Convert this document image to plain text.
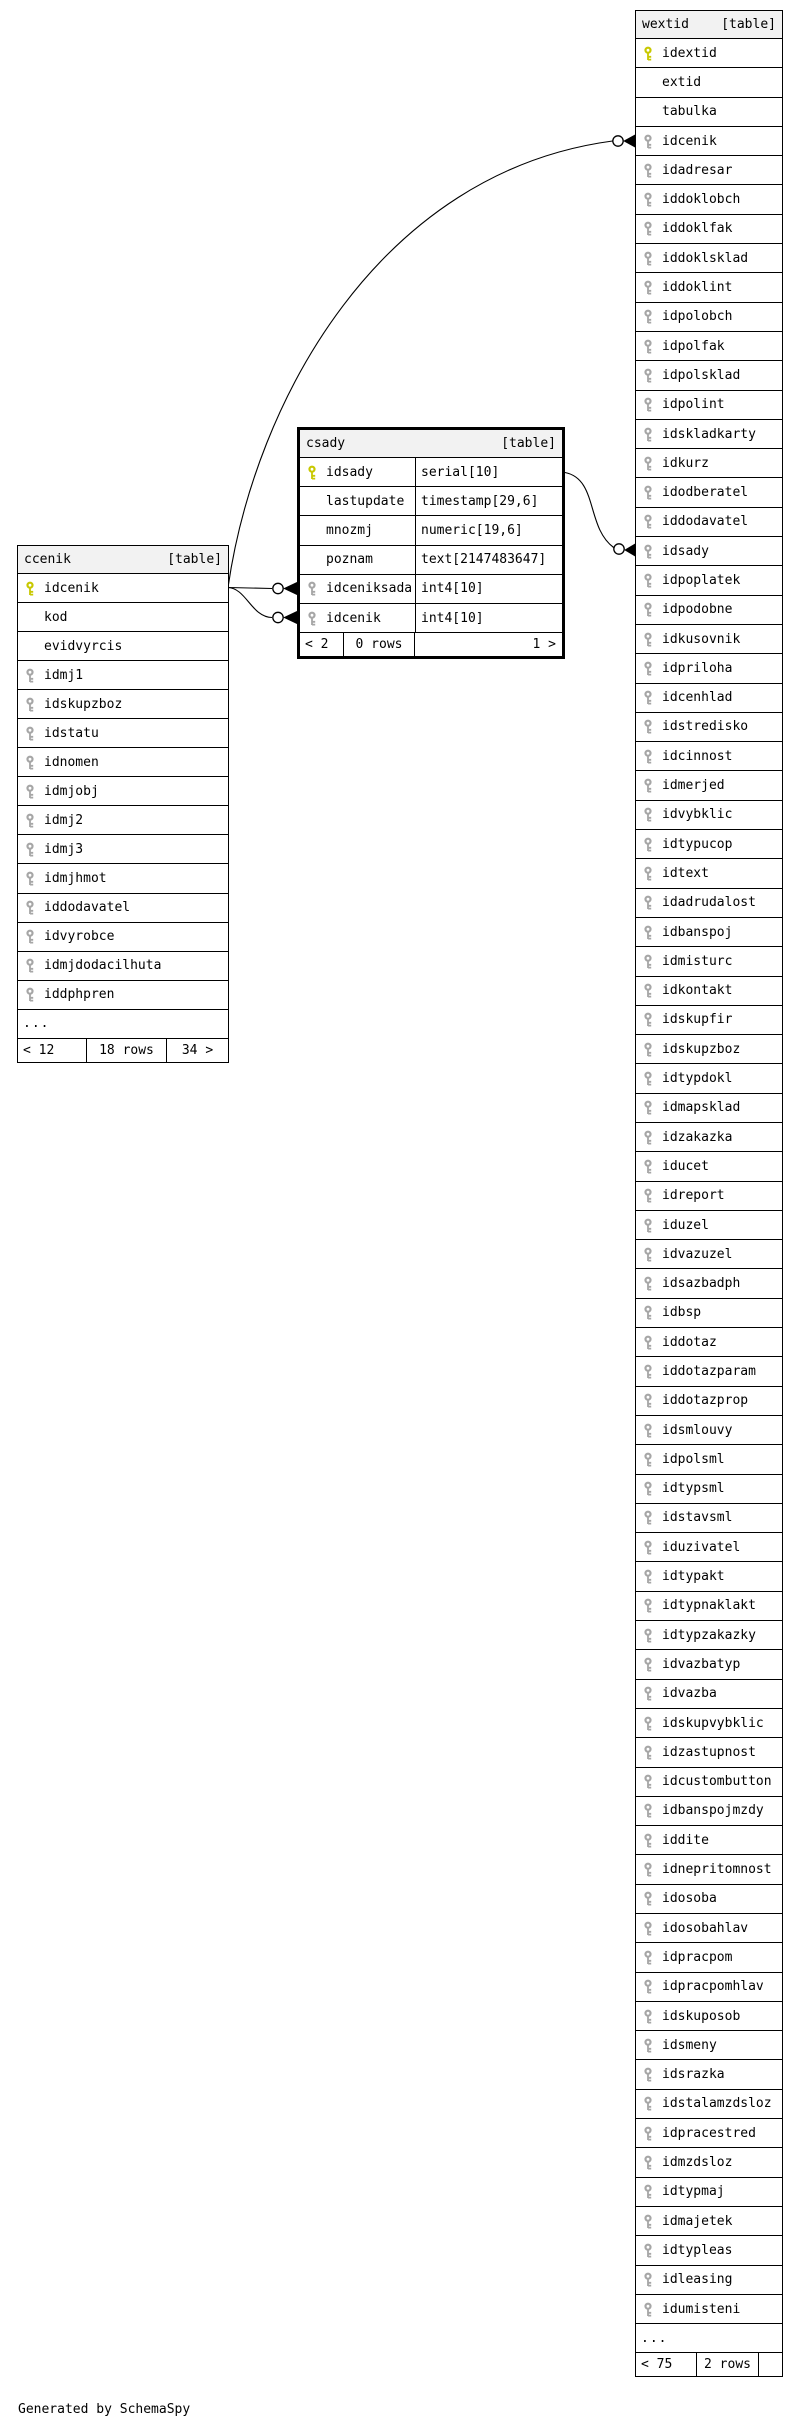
Generated by SchemaSpy
ccenik	[table]
idcenik
kod
evidvyrcis
idmj1
idskupzboz
idstatu
idnomen
idmjobj
idmj2
idmj3
idmjhmot
iddodavatel
idvyrobce
idmjdodacilhuta
iddphpren
...
< 12	18 rows 34 >
csady	[table]
idsady	serial[10]
lastupdate	timestamp[29,6]
mnozmj	numeric[19,6]
poznam	text[2147483647]
idceniksada int4[10]
idcenik	int4[10]
< 2 0 rows	1 >
wextid [table]
idextid
extid
tabulka
idcenik
idadresar
iddoklobch
iddoklfak
iddoklsklad
iddoklint
idpolobch
idpolfak
idpolsklad
idpolint
idskladkarty
idkurz
idodberatel
iddodavatel
idsady
idpoplatek
idpodobne
idkusovnik
idpriloha
idcenhlad
idstredisko
idcinnost
idmerjed
idvybklic
idtypucop
idtext
idadrudalost
idbanspoj
idmisturc
idkontakt
idskupfir
idskupzboz
idtypdokl
idmapsklad
idzakazka
iducet
idreport
iduzel
idvazuzel
idsazbadph
idbsp
iddotaz
iddotazparam
iddotazprop
idsmlouvy
idpolsml
idtypsml
idstavsml
iduzivatel
idtypakt
idtypnaklakt
idtypzakazky
idvazbatyp
idvazba
idskupvybklic
idzastupnost
idcustombutton
idbanspojmzdy
iddite
idnepritomnost
idosoba
idosobahlav
idpracpom
idpracpomhlav
idskuposob
idsmeny
idsrazka
idstalamzdsloz
idpracestred
idmzdsloz
idtypmaj
idmajetek
idtypleas
idleasing
idumisteni
...
< 75 2 rows
